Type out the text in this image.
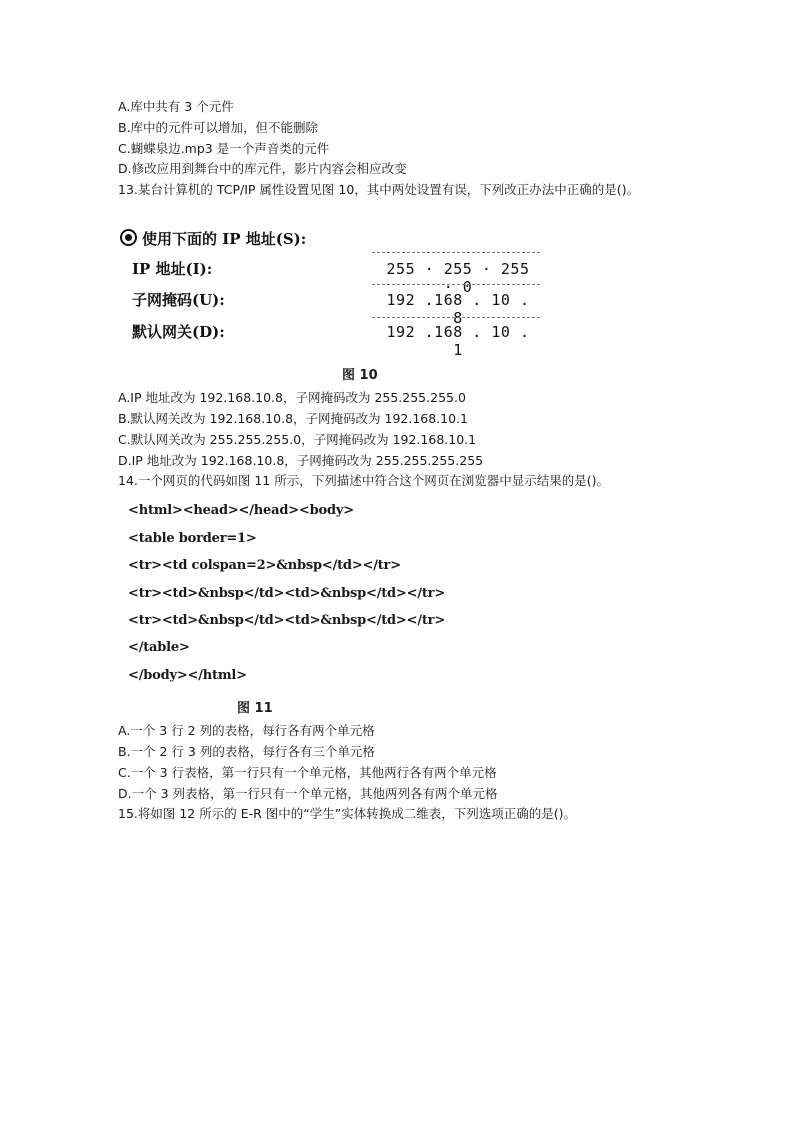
A.库中共有 3 个元件
B.库中的元件可以增加，但不能删除
C.蝴蝶泉边.mp3 是一个声音类的元件
D.修改应用到舞台中的库元件，影片内容会相应改变
13.某台计算机的 TCP/IP 属性设置见图 10，其中两处设置有误，下列改正办法中正确的是()。
使用下面的 IP 地址(S):
IP 地址(I):	255 · 255 · 255 · 0
子网掩码(U):	192 .168 . 10 . 8
默认网关(D):	192 .168 . 10 . 1
图 10
A.IP 地址改为 192.168.10.8，子网掩码改为 255.255.255.0
B.默认网关改为 192.168.10.8，子网掩码改为 192.168.10.1
C.默认网关改为 255.255.255.0，子网掩码改为 192.168.10.1
D.IP 地址改为 192.168.10.8，子网掩码改为 255.255.255.255
14.一个网页的代码如图 11 所示，下列描述中符合这个网页在浏览器中显示结果的是()。
<html><head></head><body>
<table border=1>
<tr><td colspan=2>&nbsp</td></tr>
<tr><td>&nbsp</td><td>&nbsp</td></tr>
<tr><td>&nbsp</td><td>&nbsp</td></tr>
</table>
</body></html>
图 11
A.一个 3 行 2 列的表格，每行各有两个单元格
B.一个 2 行 3 列的表格，每行各有三个单元格
C.一个 3 行表格，第一行只有一个单元格，其他两行各有两个单元格
D.一个 3 列表格，第一行只有一个单元格，其他两列各有两个单元格
15.将如图 12 所示的 E-R 图中的“学生”实体转换成二维表，下列选项正确的是()。
